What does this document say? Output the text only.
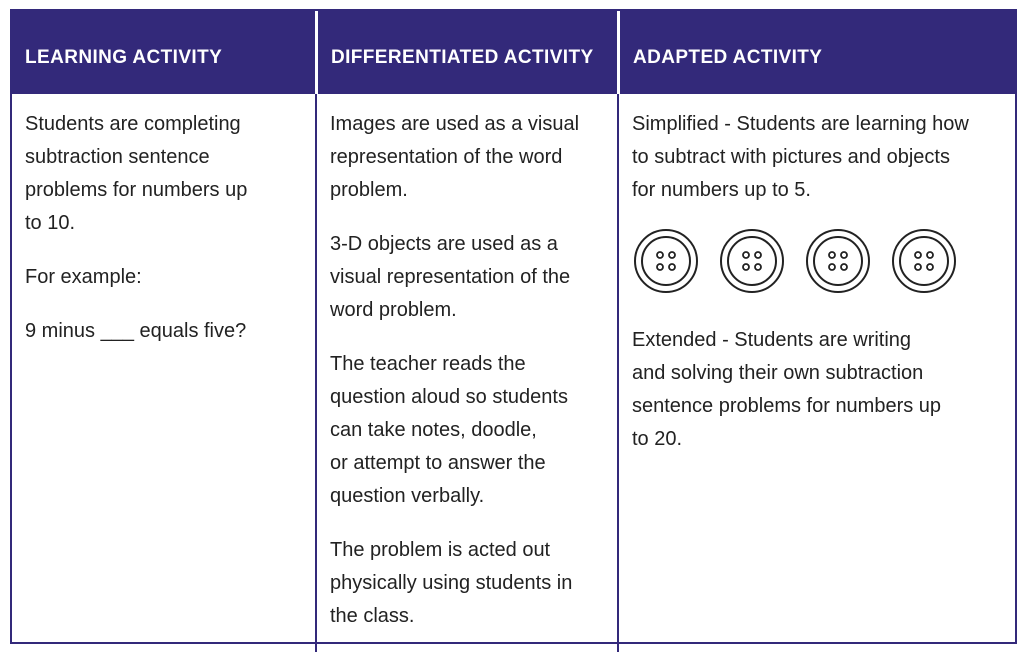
LEARNING ACTIVITY	DIFFERENTIATED ACTIVITY	ADAPTED ACTIVITY
Students are completing
subtraction sentence
problems for numbers up
to 10.
For example:
9 minus ___ equals five?
Images are used as a visual
representation of the word
problem.
3-D objects are used as a
visual representation of the
word problem.
The teacher reads the
question aloud so students
can take notes, doodle,
or attempt to answer the
question verbally.
The problem is acted out
physically using students in
the class.
Simplified - Students are learning how
to subtract with pictures and objects
for numbers up to 5.
Extended - Students are writing
and solving their own subtraction
sentence problems for numbers up
to 20.
